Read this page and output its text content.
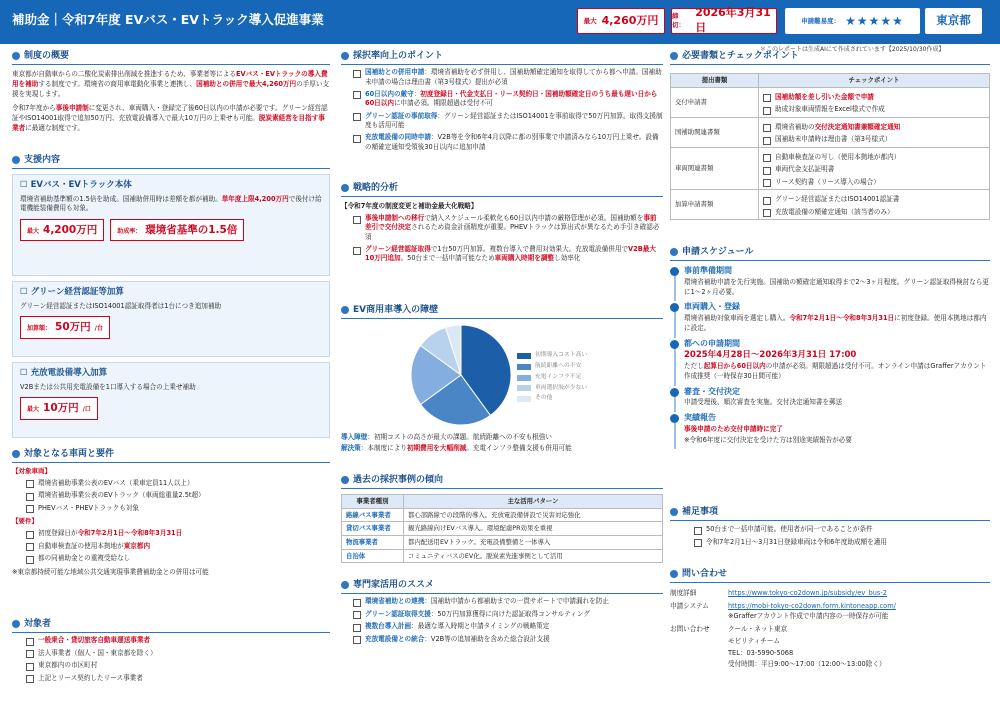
補助金｜令和7年度 EVバス・EVトラック導入促進事業	最大 4,260万円 締切：
2026年3月31日
申請難易度： ★★★★★	東京都
＊このレポートは生成AIにて作成されています【2025/10/30作成】
制度の概要
東京都が自動車からの二酸化炭素排出削減を推進するため、事業者等によるEVバス・EVトラックの導入費用を補助する制度です。環境省の商用車電動化事業と連携し、国補助との併用で最大4,260万円の手厚い支援を実現します。
令和7年度から事後申請制に変更され、車両購入・登録完了後60日以内の申請が必要です。グリーン経営認証やISO14001取得で追加50万円、充放電設備導入で最大10万円の上乗せも可能。脱炭素経営を目指す事業者に最適な制度です。
支援内容
☐ EVバス・EVトラック本体
環境省補助基準額の1.5倍を助成。国補助併用時は差額を都が補助。単年度上限4,200万円で後付け給電機能装備費用も対象。
最大 4,200万円	助成率： 環境省基準の1.5倍
☐ グリーン経営認証等加算
グリーン経営認証またはISO14001認証取得者は1台につき追加補助
加算額： 50万円 /台
☐ 充放電設備導入加算
V2Bまたは公共用充電設備を1口導入する場合の上乗せ補助
最大 10万円 /口
対象となる車両と要件
【対象車両】
環境省補助事業公表のEVバス（乗車定員11人以上）
環境省補助事業公表のEVトラック（車両総重量2.5t超）
PHEVバス・PHEVトラックも対象
【要件】
初度登録日が令和7年2月1日～令和8年3月31日
自動車検査証の使用本拠地が東京都内
都の同補助金との重複受給なし
※東京都持続可能な地域公共交通実現事業費補助金との併用は可能
対象者
一般乗合・貸切旅客自動車運送事業者
法人事業者（個人・国・東京都を除く）
東京都内の市区町村
上記とリース契約したリース事業者
採択率向上のポイント
国補助との併用申請：環境省補助を必ず併用し、国補助額確定通知を取得してから都へ申請。国補助未申請の場合は理由書（第3号様式）提出が必須
60日以内の厳守：初度登録日・代金支払日・リース契約日・国補助額確定日のうち最も遅い日から60日以内に申請必須。期限超過は受付不可
グリーン認証の事前取得：グリーン経営認証またはISO14001を事前取得で50万円加算。取得支援制度も活用可能
充放電設備の同時申請：V2B等を令和6年4月以降に都の別事業で申請済みなら10万円上乗せ。設備の額確定通知受領後30日以内に追加申請
戦略的分析
【令和7年度の制度変更と補助金最大化戦略】
事後申請制への移行で納入スケジュール柔軟化も60日以内申請の厳格管理が必須。国補助額を事前差引で交付決定されるため資金計画精度が重要。PHEVトラックは算出式が異なるため手引き確認必須
グリーン経営認証取得で1台50万円加算。複数台導入で費用対効果大。充放電設備併用でV2B最大10万円追加。50台まで一括申請可能なため車両購入時期を調整し効率化
EV商用車導入の障壁
初期導入コスト高い
航続距離への不安
充電インフラ不足
車両選択肢が少ない
その他
導入障壁：初期コストの高さが最大の課題。航続距離への不安も根強い
解決策：本制度により初期費用を大幅削減。充電インフラ整備支援も併用可能
過去の採択事例の傾向
事業者種別	主な活用パターン
路線バス事業者	都心部路線での段階的導入。充放電設備併設で災害対応強化
貸切バス事業者	観光路線向けEVバス導入。環境配慮PR効果を重視
物流事業者	都内配送用EVトラック。充電設備整備と一体導入
自治体	コミュニティバスのEV化。脱炭素先進事例として活用
専門家活用のススメ
環境省補助との連携：国補助申請から都補助までの一貫サポートで申請漏れを防止
グリーン認証取得支援：50万円加算獲得に向けた認証取得コンサルティング
複数台導入計画：最適な導入時期と申請タイミングの戦略策定
充放電設備との統合：V2B等の追加補助を含めた総合設計支援
必要書類とチェックポイント
提出書類	チェックポイント
交付申請書	国補助額を差し引いた金額で申請
助成対象車両情報をExcel様式で作成

国補助関連書類	環境省補助の交付決定通知書兼額確定通知
国補助未申請時は理由書（第3号様式）

車両関連書類	自動車検査証の写し（使用本拠地が都内）
車両代金支払証明書
リース契約書（リース導入の場合）

加算申請書類	グリーン経営認証またはISO14001認証書
充放電設備の額確定通知（該当者のみ）
申請スケジュール
事前準備期間
環境省補助申請を先行実施。国補助の額確定通知取得まで2～3ヶ月程度。グリーン認証取得検討なら更に1～2ヶ月必要。
車両購入・登録
環境省補助対象車両を選定し購入。令和7年2月1日～令和8年3月31日に初度登録。使用本拠地は都内に設定。
都への申請期間
2025年4月28日～2026年3月31日 17:00
ただし起算日から60日以内の申請が必須。期限超過は受付不可。オンライン申請はGrafferアカウント作成推奨（一時保存30日間可能）
審査・交付決定
申請受理後、順次審査を実施。交付決定通知書を郵送
実績報告
事後申請のため交付申請時に完了
※令和6年度に交付決定を受けた方は別途実績報告が必要
補足事項
50台まで一括申請可能。使用者が同一であることが条件
令和7年2月1日～3月31日登録車両は令和6年度助成額を適用
問い合わせ
制度詳細	https://www.tokyo-co2down.jp/subsidy/ev_bus-2
申請システム	https://mobi-tokyo-co2down.form.kintoneapp.com/
※Grafferアカウント作成で申請内容の一時保存が可能
お問い合わせ	クール・ネット東京
モビリティチーム
TEL：03-5990-5068
受付時間：平日9:00～17:00（12:00～13:00除く）
